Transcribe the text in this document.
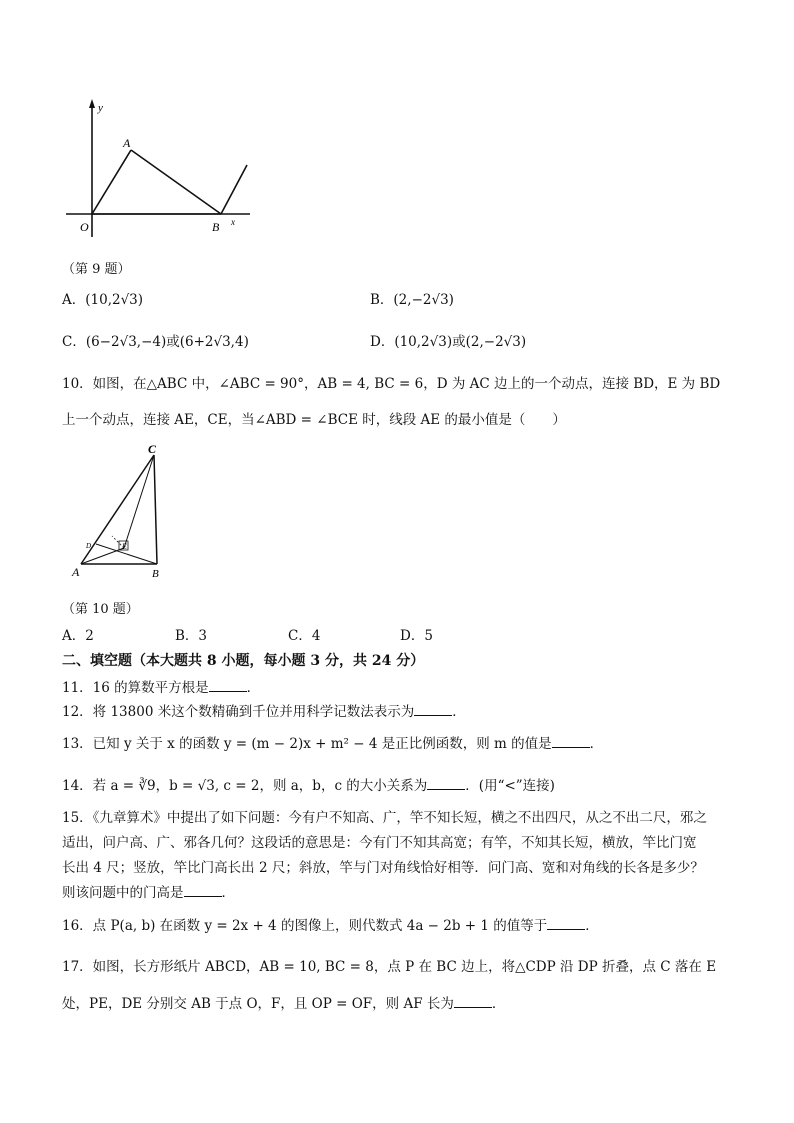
y
A
O	B x
（第 9 题）
A．(10,2√3)	B．(2,−2√3)
C．(6−2√3,−4)或(6+2√3,4)	D．(10,2√3)或(2,−2√3)
10．如图，在△ABC 中，∠ABC = 90°，AB = 4, BC = 6，D 为 AC 边上的一个动点，连接 BD，E 为 BD
上一个动点，连接 AE，CE，当∠ABD = ∠BCE 时，线段 AE 的最小值是（　　）
C
A	B
D	E
（第 10 题）
A．2	B．3	C．4	D．5
二、填空题（本大题共 8 小题，每小题 3 分，共 24 分）
11．16 的算数平方根是	．
12．将 13800 米这个数精确到千位并用科学记数法表示为	．
13．已知 y 关于 x 的函数 y = (m − 2)x + m² − 4 是正比例函数，则 m 的值是	．
14．若 a = ∛9，b = √3, c = 2，则 a，b，c 的大小关系为	．(用“<”连接)
15．《九章算术》中提出了如下问题：今有户不知高、广，竿不知长短，横之不出四尺，从之不出二尺，邪之
适出，问户高、广、邪各几何？这段话的意思是：今有门不知其高宽；有竿，不知其长短，横放，竿比门宽
长出 4 尺；竖放，竿比门高长出 2 尺；斜放，竿与门对角线恰好相等．问门高、宽和对角线的长各是多少？
则该问题中的门高是	．
16．点 P(a, b) 在函数 y = 2x + 4 的图像上，则代数式 4a − 2b + 1 的值等于	．
17．如图，长方形纸片 ABCD，AB = 10, BC = 8，点 P 在 BC 边上，将△CDP 沿 DP 折叠，点 C 落在 E
处，PE，DE 分别交 AB 于点 O，F，且 OP = OF，则 AF 长为	．
